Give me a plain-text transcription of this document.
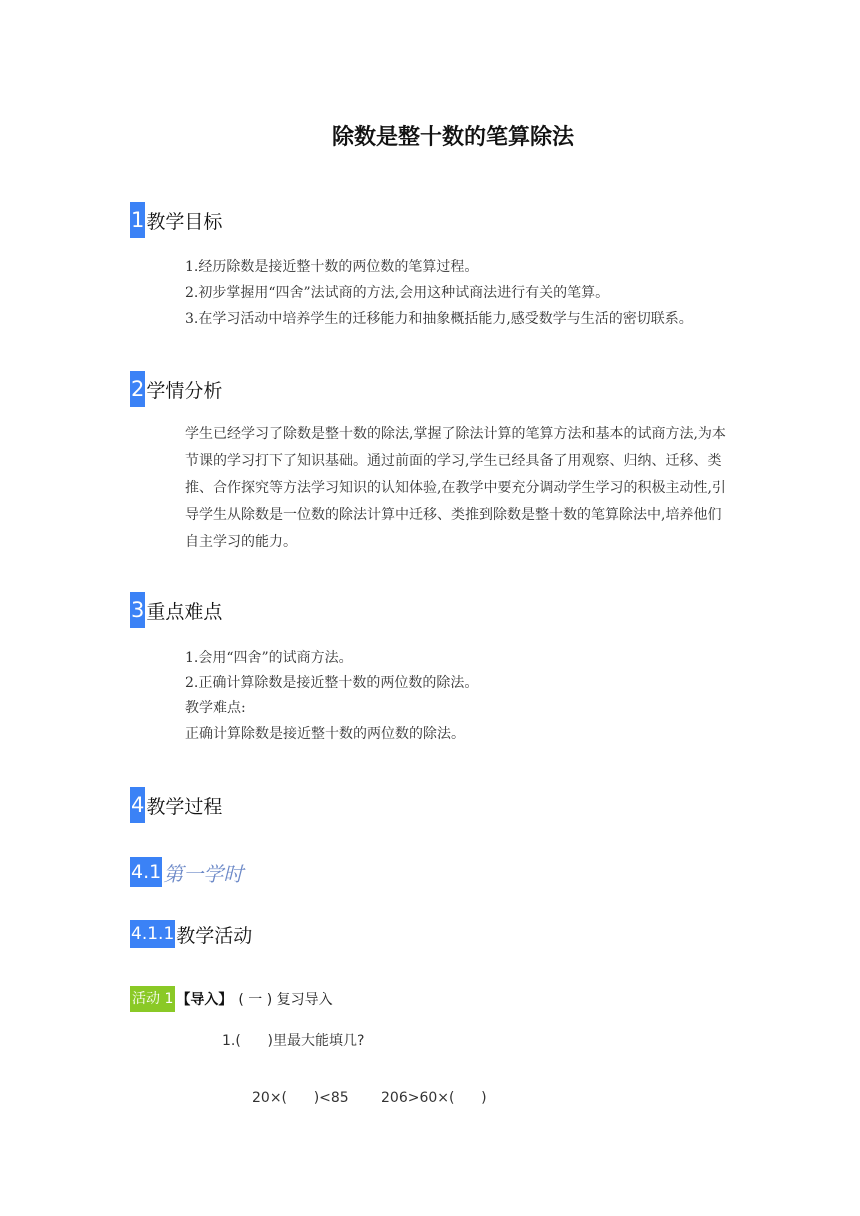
除数是整十数的笔算除法
1 教学目标
1.经历除数是接近整十数的两位数的笔算过程。
2.初步掌握用“四舍”法试商的方法,会用这种试商法进行有关的笔算。
3.在学习活动中培养学生的迁移能力和抽象概括能力,感受数学与生活的密切联系。
2 学情分析
学生已经学习了除数是整十数的除法,掌握了除法计算的笔算方法和基本的试商方法,为本节课的学习打下了知识基础。通过前面的学习,学生已经具备了用观察、归纳、迁移、类推、合作探究等方法学习知识的认知体验,在教学中要充分调动学生学习的积极主动性,引导学生从除数是一位数的除法计算中迁移、类推到除数是整十数的笔算除法中,培养他们自主学习的能力。
3 重点难点
1.会用“四舍”的试商方法。
2.正确计算除数是接近整十数的两位数的除法。
教学难点:
正确计算除数是接近整十数的两位数的除法。
4 教学过程
4.1 第一学时
4.1.1 教学活动
活动 1 【导入】 ( 一 ) 复习导入
1.(      )里最大能填几?
20×(      )<85 206>60×(      )
